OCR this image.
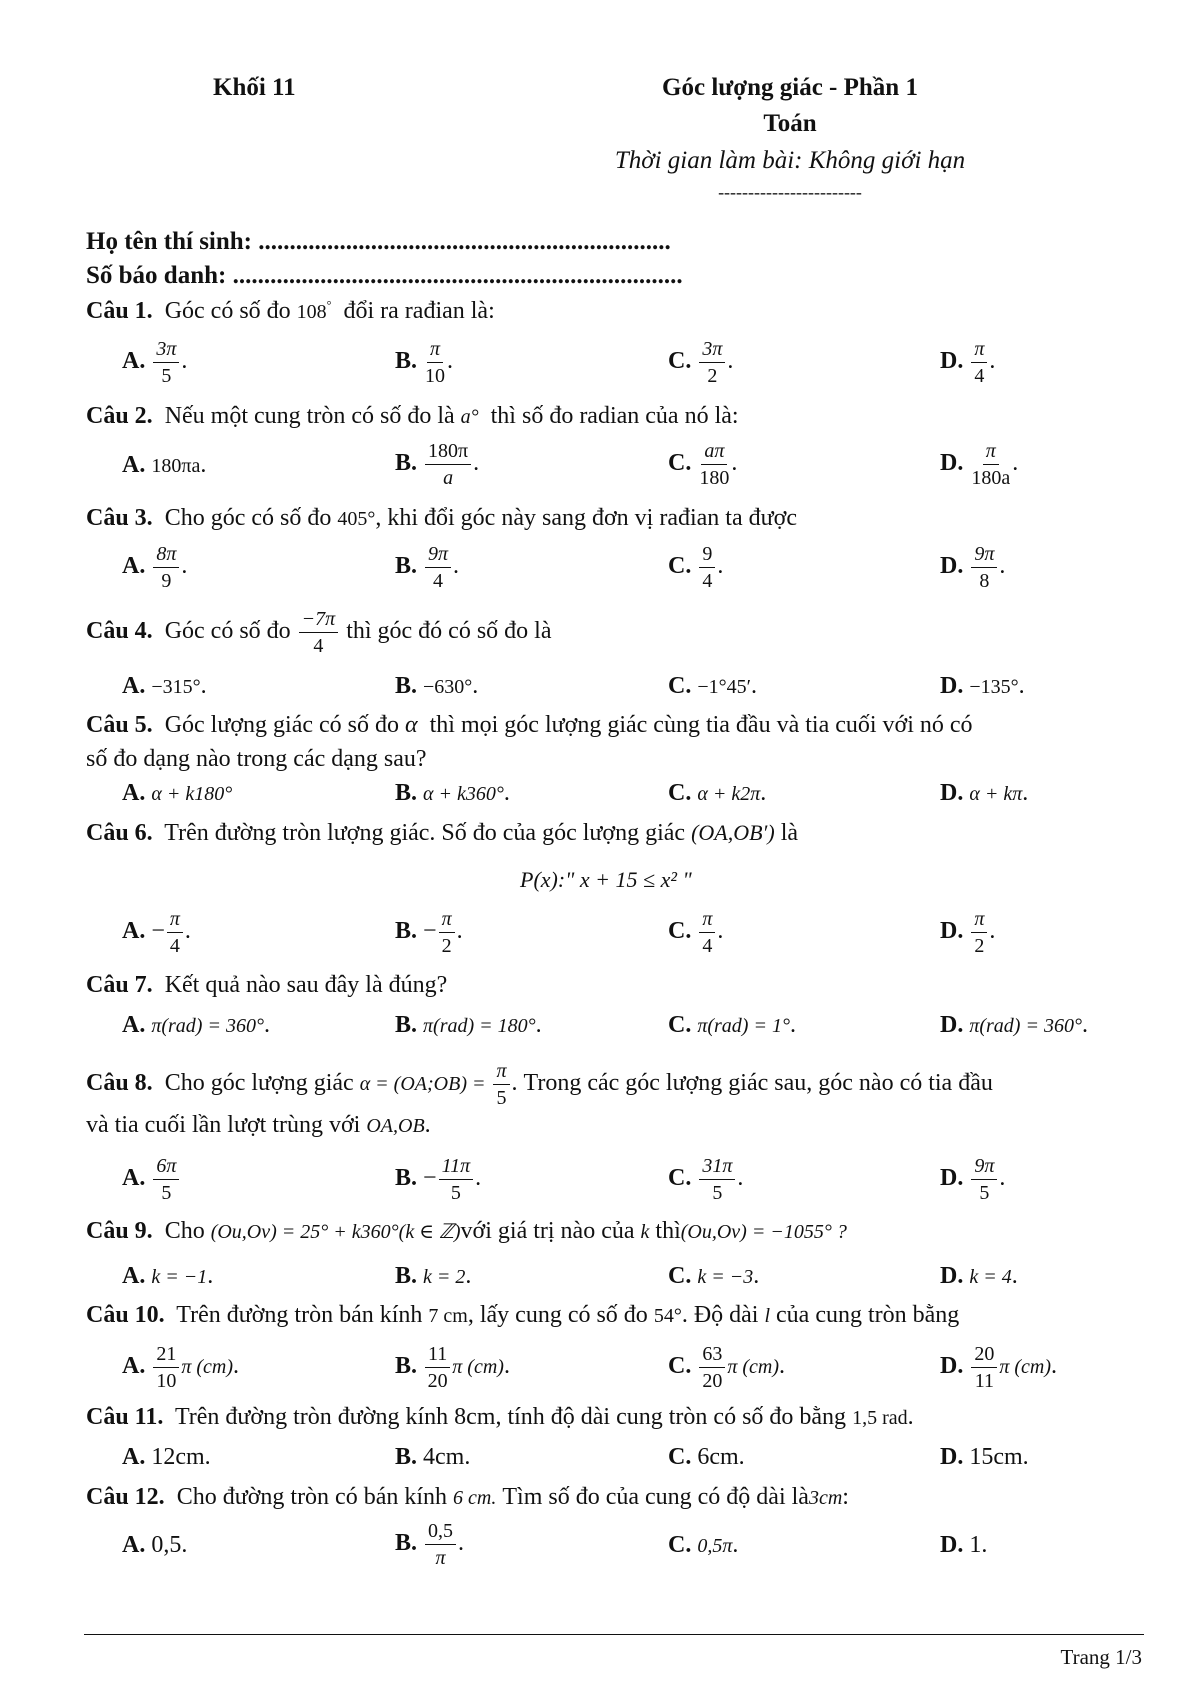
Khối 11	Góc lượng giác - Phần 1
Toán
Thời gian làm bài: Không giới hạn
------------------------
Họ tên thí sinh: ..................................................................
Số báo danh: ........................................................................
Câu 1. Góc có số đo 108° đổi ra rađian là:
A. $\frac{3\pi}{5}$ .	B. $\frac{\pi}{10}$ .	C. $\frac{3\pi}{2}$ .	D. $\frac{\pi}{4}$ .
Câu 2. Nếu một cung tròn có số đo là a° thì số đo radian của nó là:
A. 180πa.	B. $\frac{180\pi}{a}$ .	C. $\frac{a\pi}{180}$ .	D. $\frac{\pi}{180a}$ .
Câu 3. Cho góc có số đo 405°, khi đổi góc này sang đơn vị rađian ta được
A. $\frac{8\pi}{9}$ .	B. $\frac{9\pi}{4}$ .	C. $\frac{9}{4}$ .	D. $\frac{9\pi}{8}$ .
Câu 4. Góc có số đo $\frac{-7\pi}{4}$ thì góc đó có số đo là
A. −315°.	B. −630°.	C. −1°45′.	D. −135°.
Câu 5. Góc lượng giác có số đo α thì mọi góc lượng giác cùng tia đầu và tia cuối với nó có
số đo dạng nào trong các dạng sau?
A. α + k180°	B. α + k360°.	C. α + k2π.	D. α + kπ.
Câu 6. Trên đường tròn lượng giác. Số đo của góc lượng giác (OA,OB′) là
P(x):" x + 15 ≤ x² "
A. − $\frac{\pi}{4}$ .	B. − $\frac{\pi}{2}$ .	C. $\frac{\pi}{4}$ .	D. $\frac{\pi}{2}$ .
Câu 7. Kết quả nào sau đây là đúng?
A. π(rad) = 360°.	B. π(rad) = 180°.	C. π(rad) = 1°.	D. π(rad) = 360°.
Câu 8. Cho góc lượng giác α = (OA;OB) = $\frac{\pi}{5}$ . Trong các góc lượng giác sau, góc nào có tia đầu
và tia cuối lần lượt trùng với OA,OB.
A. $\frac{6\pi}{5}$	B. − $\frac{11\pi}{5}$ .	C. $\frac{31\pi}{5}$ .	D. $\frac{9\pi}{5}$ .
Câu 9. Cho (Ou,Ov) = 25° + k360°(k ∈ ℤ)với giá trị nào của k thì(Ou,Ov) = −1055° ?
A. k = −1.	B. k = 2.	C. k = −3.	D. k = 4.
Câu 10. Trên đường tròn bán kính 7 cm, lấy cung có số đo 54°. Độ dài l của cung tròn bằng
A. $\frac{21}{10}$ π (cm).	B. $\frac{11}{20}$ π (cm).	C. $\frac{63}{20}$ π (cm).	D. $\frac{20}{11}$ π (cm).
Câu 11. Trên đường tròn đường kính 8cm, tính độ dài cung tròn có số đo bằng 1,5 rad.
A. 12cm.	B. 4cm.	C. 6cm.	D. 15cm.
Câu 12. Cho đường tròn có bán kính 6 cm. Tìm số đo của cung có độ dài là3cm:
A. 0,5.	B. $\frac{0,5}{\pi}$ .	C. 0,5π.	D. 1.
Trang 1/3
